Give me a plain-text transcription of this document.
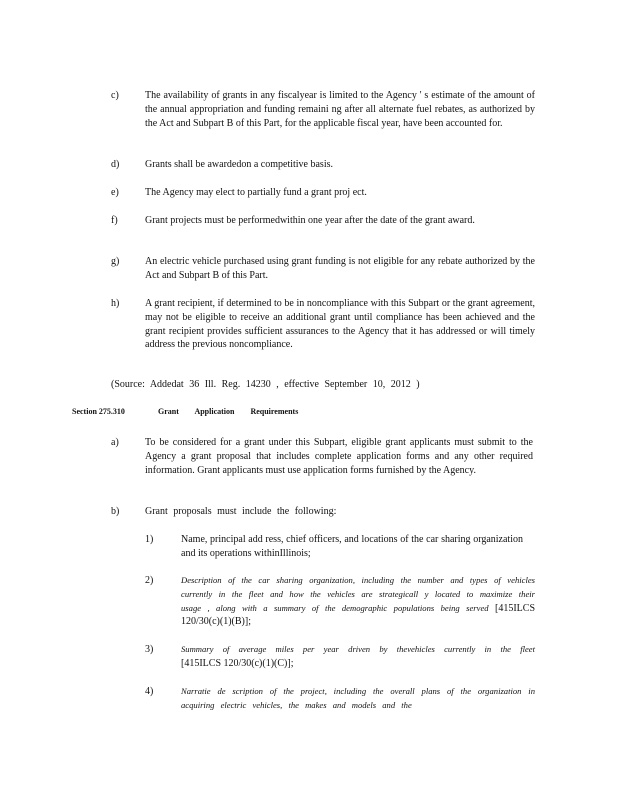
c)	The availability of grants in any fiscalyear is limited to the Agency ' s estimate of the amount of the annual appropriation and funding remaini ng after all alternate fuel rebates, as authorized by the Act and Subpart B of this Part, for the applicable fiscal year, have been accounted for.
d)	Grants shall be awardedon a competitive basis.
e)	The Agency may elect to partially fund a grant proj ect.
f)	Grant projects must be performedwithin one year after the date of the grant award.
g)	An electric vehicle purchased using grant funding is not eligible for any rebate authorized by the Act and Subpart B of this Part.
h)	A grant recipient, if determined to be in noncompliance with this Subpart or the grant agreement, may not be eligible to receive an additional grant until compliance has been achieved and the grant recipient provides sufficient assurances to the Agency that it has addressed or will timely address the previous noncompliance.
(Source: Addedat 36 Ill. Reg. 14230 , effective September 10, 2012 )
Section 275.310	Grant Application Requirements
a)	To be considered for a grant under this Subpart, eligible grant applicants must submit to the Agency a grant proposal that includes complete application forms and any other required information. Grant applicants must use application forms furnished by the Agency.
b)	Grant proposals must include the following:
1)	Name, principal add ress, chief officers, and locations of the car sharing organization and its operations withinIllinois;
2)	Description of the car sharing organization, including the number and types of vehicles currently in the fleet and how the vehicles are strategicall y located to maximize their usage , along with a summary of the demographic populations being served [415ILCS 120/30(c)(1)(B)];
3)	Summary of average miles per year driven by thevehicles currently in the fleet [415ILCS 120/30(c)(1)(C)];
4)	Narratie de scription of the project, including the overall plans of the organization in acquiring electric vehicles, the makes and models and the
